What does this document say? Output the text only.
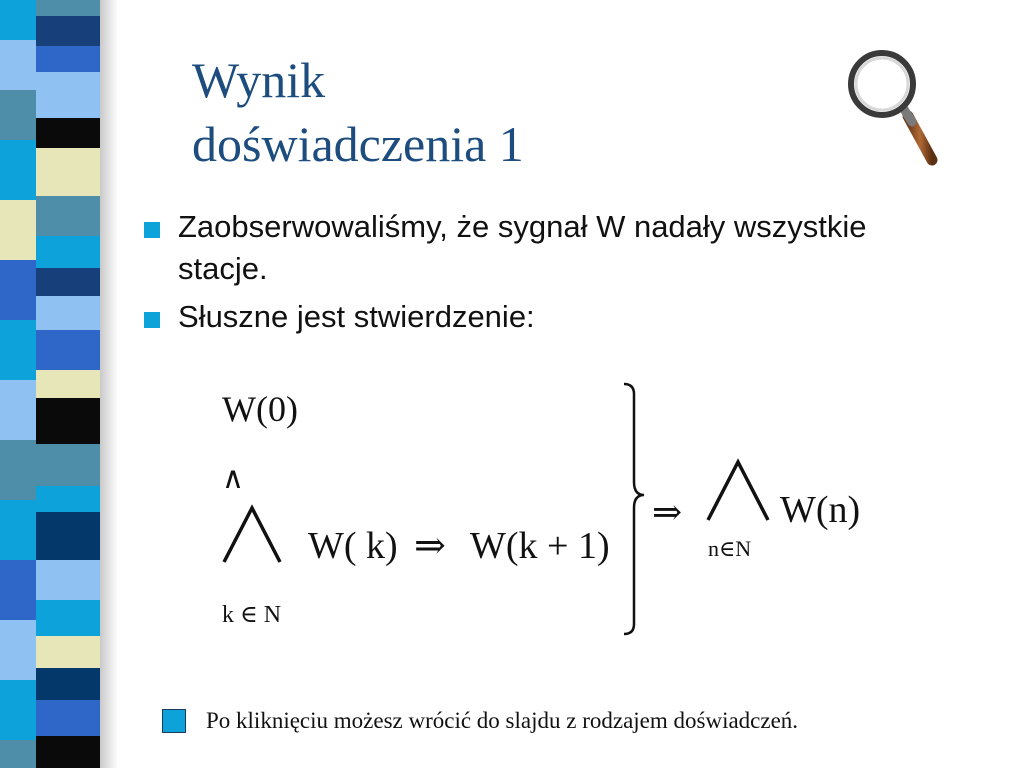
Wynik
doświadczenia 1
Zaobserwowaliśmy, że sygnał W nadały wszystkie stacje.
Słuszne jest stwierdzenie:
W(0)
∧
W( k) ⇒ W(k + 1)
k ∈ N
⇒	W(n)
n∈N
Po kliknięciu możesz wrócić do slajdu z rodzajem doświadczeń.
